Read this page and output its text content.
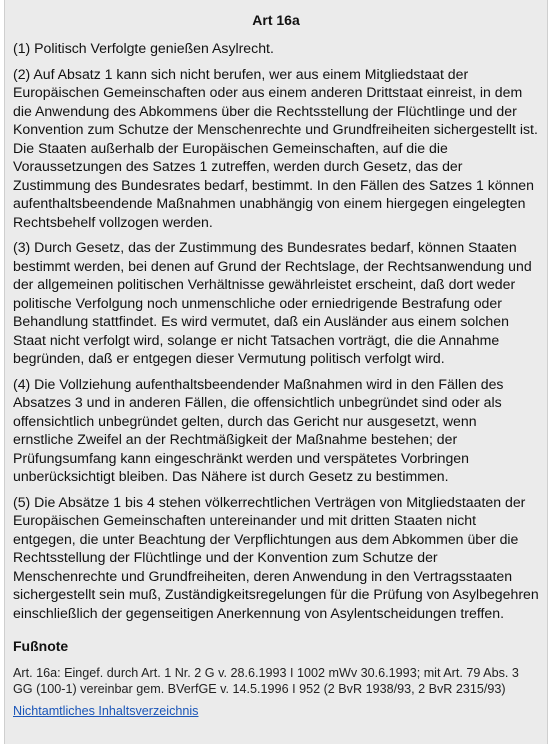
Art 16a

(1) Politisch Verfolgte genießen Asylrecht.

(2) Auf Absatz 1 kann sich nicht berufen, wer aus einem Mitgliedstaat der Europäischen Gemeinschaften oder aus einem anderen Drittstaat einreist, in dem die Anwendung des Abkommens über die Rechtsstellung der Flüchtlinge und der Konvention zum Schutze der Menschenrechte und Grundfreiheiten sichergestellt ist. Die Staaten außerhalb der Europäischen Gemeinschaften, auf die die Voraussetzungen des Satzes 1 zutreffen, werden durch Gesetz, das der Zustimmung des Bundesrates bedarf, bestimmt. In den Fällen des Satzes 1 können aufenthaltsbeendende Maßnahmen unabhängig von einem hiergegen eingelegten Rechtsbehelf vollzogen werden.

(3) Durch Gesetz, das der Zustimmung des Bundesrates bedarf, können Staaten bestimmt werden, bei denen auf Grund der Rechtslage, der Rechtsanwendung und der allgemeinen politischen Verhältnisse gewährleistet erscheint, daß dort weder politische Verfolgung noch unmenschliche oder erniedrigende Bestrafung oder Behandlung stattfindet. Es wird vermutet, daß ein Ausländer aus einem solchen Staat nicht verfolgt wird, solange er nicht Tatsachen vorträgt, die die Annahme begründen, daß er entgegen dieser Vermutung politisch verfolgt wird.

(4) Die Vollziehung aufenthaltsbeendender Maßnahmen wird in den Fällen des Absatzes 3 und in anderen Fällen, die offensichtlich unbegründet sind oder als offensichtlich unbegründet gelten, durch das Gericht nur ausgesetzt, wenn ernstliche Zweifel an der Rechtmäßigkeit der Maßnahme bestehen; der Prüfungsumfang kann eingeschränkt werden und verspätetes Vorbringen unberücksichtigt bleiben. Das Nähere ist durch Gesetz zu bestimmen.

(5) Die Absätze 1 bis 4 stehen völkerrechtlichen Verträgen von Mitgliedstaaten der Europäischen Gemeinschaften untereinander und mit dritten Staaten nicht entgegen, die unter Beachtung der Verpflichtungen aus dem Abkommen über die Rechtsstellung der Flüchtlinge und der Konvention zum Schutze der Menschenrechte und Grundfreiheiten, deren Anwendung in den Vertragsstaaten sichergestellt sein muß, Zuständigkeitsregelungen für die Prüfung von Asylbegehren einschließlich der gegenseitigen Anerkennung von Asylentscheidungen treffen.

Fußnote

Art. 16a: Eingef. durch Art. 1 Nr. 2 G v. 28.6.1993 I 1002 mWv 30.6.1993; mit Art. 79 Abs. 3 GG (100-1) vereinbar gem. BVerfGE v. 14.5.1996 I 952 (2 BvR 1938/93, 2 BvR 2315/93)

Nichtamtliches Inhaltsverzeichnis
